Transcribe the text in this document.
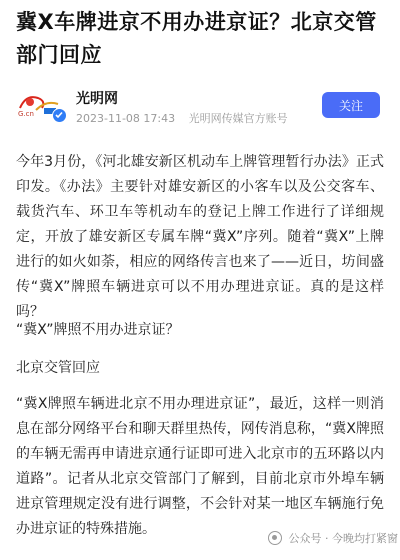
冀X车牌进京不用办进京证？北京交管部门回应
G.cn
光明网
2023-11-08 17:43 光明网传媒官方账号
关注
今年3月份，《河北雄安新区机动车上牌管理暂行办法》正式印发。《办法》主要针对雄安新区的小客车以及公交客车、载货汽车、环卫车等机动车的登记上牌工作进行了详细规定，开放了雄安新区专属车牌“冀X”序列。随着“冀X”上牌进行的如火如荼，相应的网络传言也来了——近日，坊间盛传“冀X”牌照车辆进京可以不用办理进京证。真的是这样吗？
“冀X”牌照不用办进京证？
北京交管回应
“冀X牌照车辆进北京不用办理进京证”，最近，这样一则消息在部分网络平台和聊天群里热传，网传消息称，“冀X牌照的车辆无需再申请进京通行证即可进入北京市的五环路以内道路”。记者从北京交管部门了解到，目前北京市外埠车辆进京管理规定没有进行调整，不会针对某一地区车辆施行免办进京证的特殊措施。
公众号 · 今晚均打紧窗
